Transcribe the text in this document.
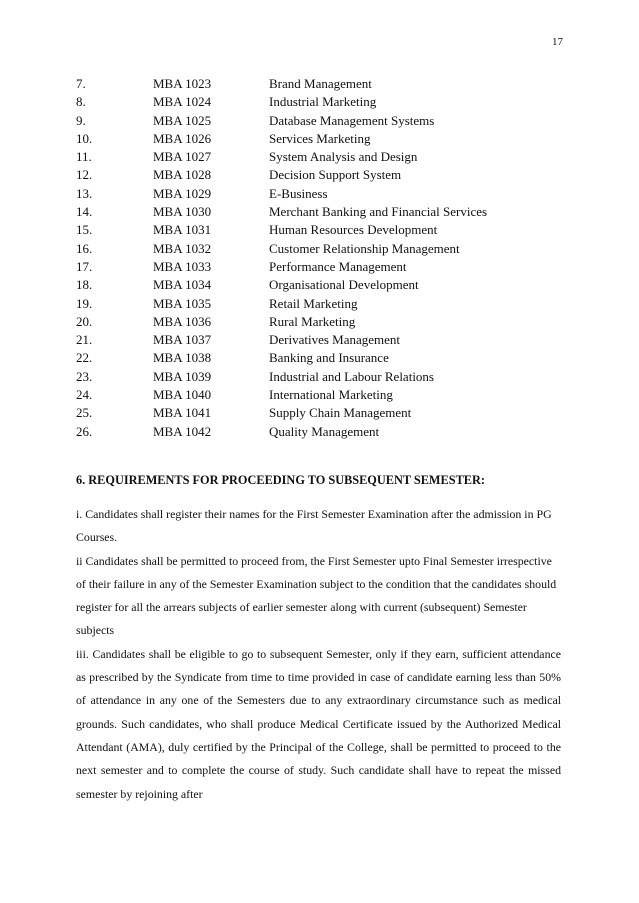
17
7.	MBA 1023	Brand Management
8.	MBA 1024	Industrial Marketing
9.	MBA 1025	Database Management Systems
10.	MBA 1026	Services Marketing
11.	MBA 1027	System Analysis and Design
12.	MBA 1028	Decision Support System
13.	MBA 1029	E-Business
14.	MBA 1030	Merchant Banking and Financial Services
15.	MBA 1031	Human Resources Development
16.	MBA 1032	Customer Relationship Management
17.	MBA 1033	Performance Management
18.	MBA 1034	Organisational Development
19.	MBA 1035	Retail Marketing
20.	MBA 1036	Rural Marketing
21.	MBA 1037	Derivatives Management
22.	MBA 1038	Banking and Insurance
23.	MBA 1039	Industrial and Labour Relations
24.	MBA 1040	International Marketing
25.	MBA 1041	Supply Chain Management
26.	MBA 1042	Quality Management
6. REQUIREMENTS FOR PROCEEDING TO SUBSEQUENT SEMESTER:

i. Candidates shall register their names for the First Semester Examination after the admission in PG Courses.

ii Candidates shall be permitted to proceed from, the First Semester upto Final Semester irrespective of their failure in any of the Semester Examination subject to the condition that the candidates should register for all the arrears subjects of earlier semester along with current (subsequent) Semester subjects

iii. Candidates shall be eligible to go to subsequent Semester, only if they earn, sufficient attendance as prescribed by the Syndicate from time to time provided in case of candidate earning less than 50% of attendance in any one of the Semesters due to any extraordinary circumstance such as medical grounds. Such candidates, who shall produce Medical Certificate issued by the Authorized Medical Attendant (AMA), duly certified by the Principal of the College, shall be permitted to proceed to the next semester and to complete the course of study. Such candidate shall have to repeat the missed semester by rejoining after
